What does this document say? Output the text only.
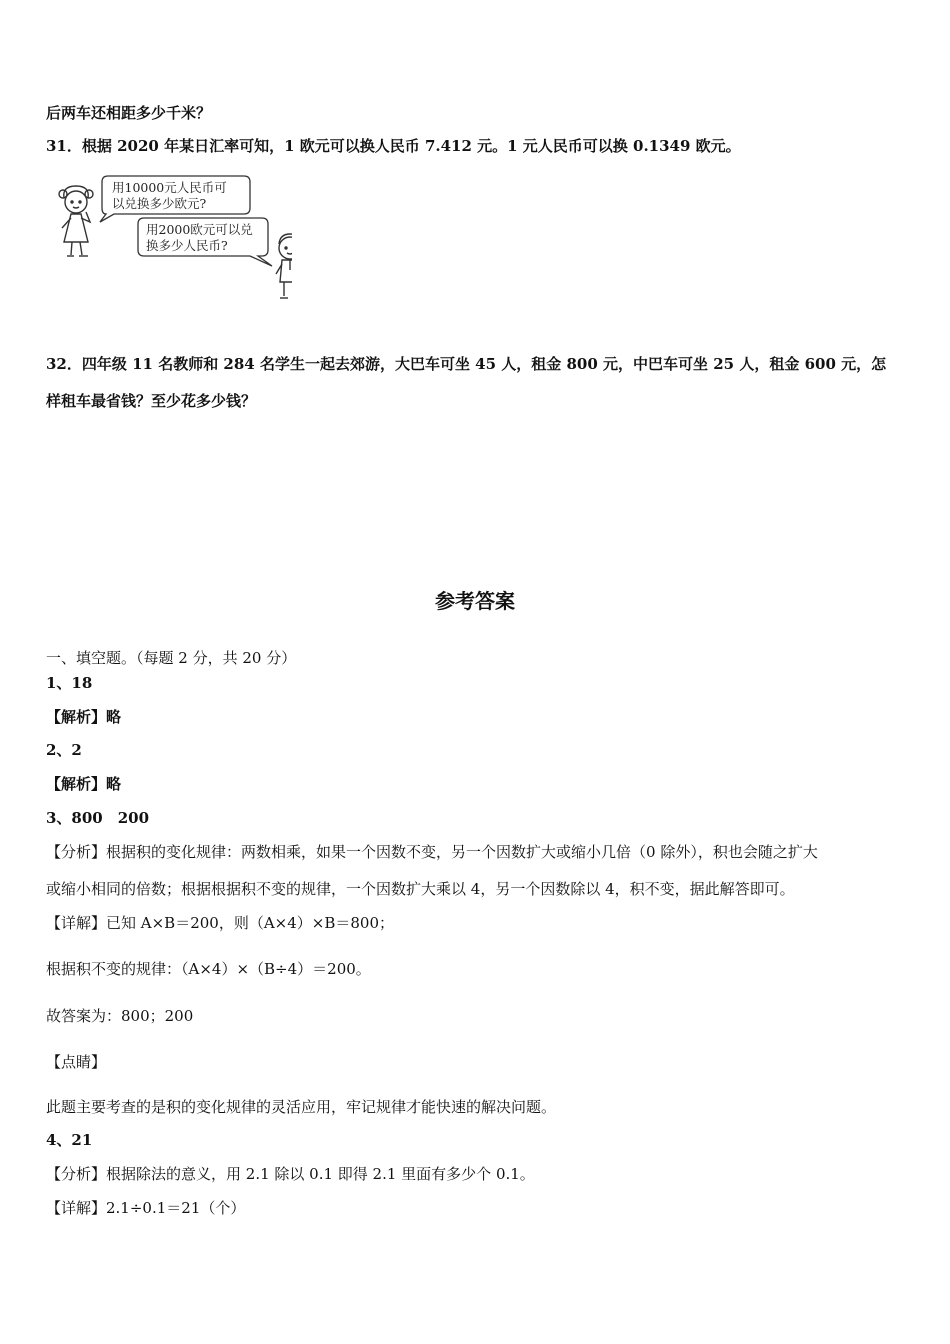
后两车还相距多少千米？
31．根据 2020 年某日汇率可知，1 欧元可以换人民币 7.412 元。1 元人民币可以换 0.1349 欧元。
用10000元人民币可
以兑换多少欧元?
用2000欧元可以兑
换多少人民币?
32．四年级 11 名教师和 284 名学生一起去郊游，大巴车可坐 45 人，租金 800 元，中巴车可坐 25 人，租金 600 元，怎
样租车最省钱？至少花多少钱？
参考答案
一、填空题。（每题 2 分，共 20 分）
1、18
【解析】略
2、2
【解析】略
3、800　200
【分析】根据积的变化规律：两数相乘，如果一个因数不变，另一个因数扩大或缩小几倍（0 除外），积也会随之扩大
或缩小相同的倍数；根据根据积不变的规律，一个因数扩大乘以 4，另一个因数除以 4，积不变，据此解答即可。
【详解】已知 A×B＝200，则（A×4）×B＝800；
根据积不变的规律：（A×4）×（B÷4）＝200。
故答案为：800；200
【点睛】
此题主要考查的是积的变化规律的灵活应用，牢记规律才能快速的解决问题。
4、21
【分析】根据除法的意义，用 2.1 除以 0.1 即得 2.1 里面有多少个 0.1。
【详解】2.1÷0.1＝21（个）
